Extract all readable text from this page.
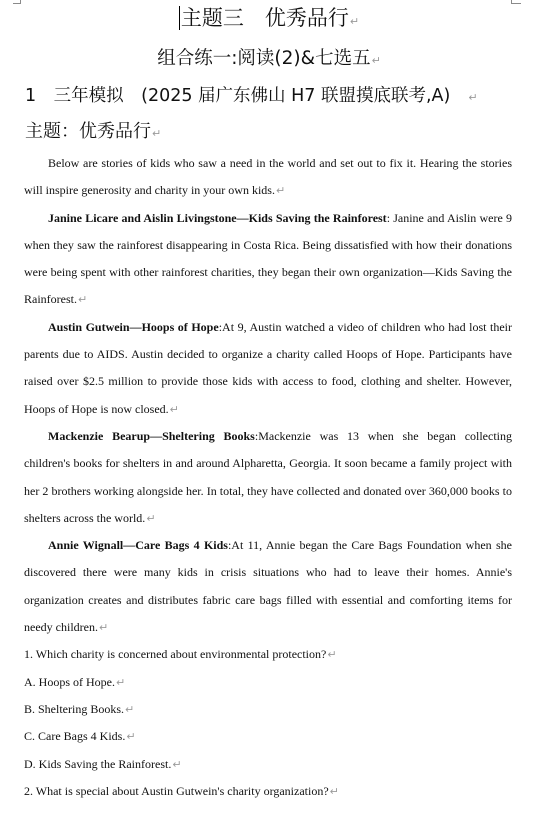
主题三　优秀品行↵
组合练一:阅读(2)&七选五↵
1　三年模拟　(2025 届广东佛山 H7 联盟摸底联考,A) ↵
主题：优秀品行↵

Below are stories of kids who saw a need in the world and set out to fix it. Hearing the stories will inspire generosity and charity in your own kids.↵

Janine Licare and Aislin Livingstone—Kids Saving the Rainforest: Janine and Aislin were 9 when they saw the rainforest disappearing in Costa Rica. Being dissatisfied with how their donations were being spent with other rainforest charities, they began their own organization—Kids Saving the Rainforest.↵

Austin Gutwein—Hoops of Hope:At 9, Austin watched a video of children who had lost their parents due to AIDS. Austin decided to organize a charity called Hoops of Hope. Participants have raised over $2.5 million to provide those kids with access to food, clothing and shelter. However, Hoops of Hope is now closed.↵

Mackenzie Bearup—Sheltering Books:Mackenzie was 13 when she began collecting children's books for shelters in and around Alpharetta, Georgia. It soon became a family project with her 2 brothers working alongside her. In total, they have collected and donated over 360,000 books to shelters across the world.↵

Annie Wignall—Care Bags 4 Kids:At 11, Annie began the Care Bags Foundation when she discovered there were many kids in crisis situations who had to leave their homes. Annie's organization creates and distributes fabric care bags filled with essential and comforting items for needy children.↵

1. Which charity is concerned about environmental protection?↵

A. Hoops of Hope.↵

B. Sheltering Books.↵

C. Care Bags 4 Kids.↵

D. Kids Saving the Rainforest.↵

2. What is special about Austin Gutwein's charity organization?↵
